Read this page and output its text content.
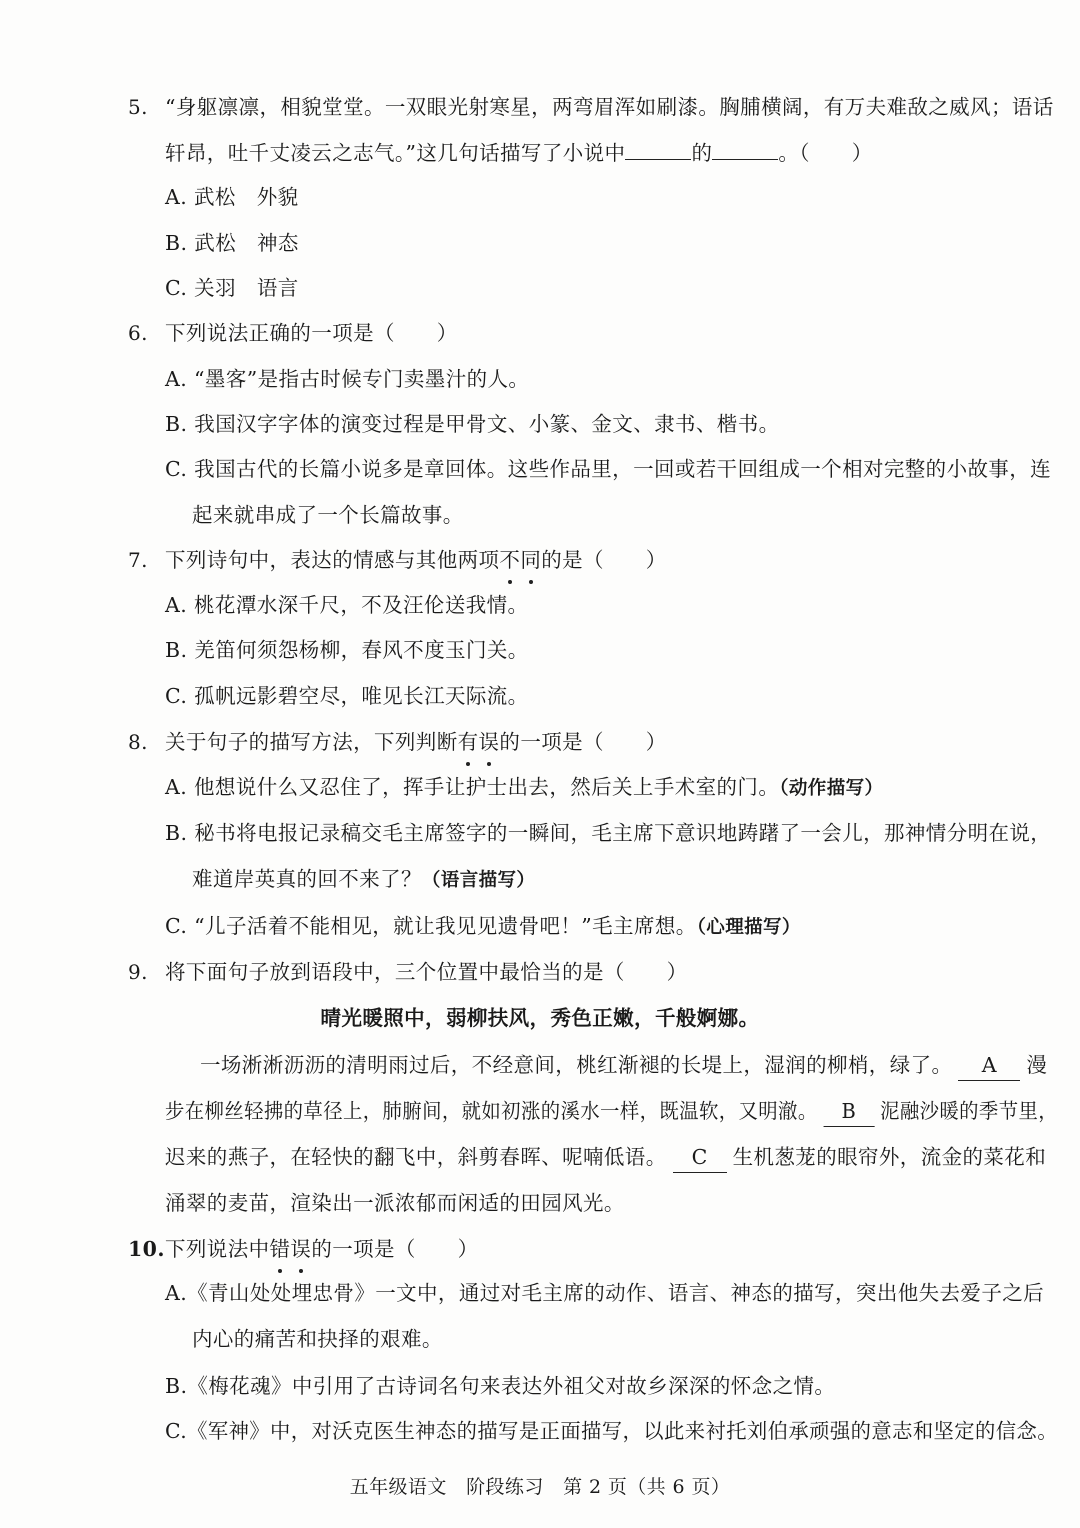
5. “身躯凛凛，相貌堂堂。一双眼光射寒星，两弯眉浑如刷漆。胸脯横阔，有万夫难敌之威风；语话
轩昂，吐千丈凌云之志气。”这几句话描写了小说中	的	。（　　）
A. 武松　外貌
B. 武松　神态
C. 关羽　语言
6. 下列说法正确的一项是（　　）
A. “墨客”是指古时候专门卖墨汁的人。
B. 我国汉字字体的演变过程是甲骨文、小篆、金文、隶书、楷书。
C. 我国古代的长篇小说多是章回体。这些作品里，一回或若干回组成一个相对完整的小故事，连
起来就串成了一个长篇故事。
7. 下列诗句中，表达的情感与其他两项不同的是（　　）
A. 桃花潭水深千尺，不及汪伦送我情。
B. 羌笛何须怨杨柳，春风不度玉门关。
C. 孤帆远影碧空尽，唯见长江天际流。
8. 关于句子的描写方法，下列判断有误的一项是（　　）
A. 他想说什么又忍住了，挥手让护士出去，然后关上手术室的门。（动作描写）
B. 秘书将电报记录稿交毛主席签字的一瞬间，毛主席下意识地踌躇了一会儿，那神情分明在说，
难道岸英真的回不来了？（语言描写）
C. “儿子活着不能相见，就让我见见遗骨吧！”毛主席想。（心理描写）
9. 将下面句子放到语段中，三个位置中最恰当的是（　　）
晴光暖照中，弱柳扶风，秀色正嫩，千般婀娜。
一场淅淅沥沥的清明雨过后，不经意间，桃红渐褪的长堤上，湿润的柳梢，绿了。 A 漫
步在柳丝轻拂的草径上，肺腑间，就如初涨的溪水一样，既温软，又明澈。 B 泥融沙暖的季节里，
迟来的燕子，在轻快的翻飞中，斜剪春晖、呢喃低语。 C 生机葱茏的眼帘外，流金的菜花和
涌翠的麦苗，渲染出一派浓郁而闲适的田园风光。
10. 下列说法中错误的一项是（　　）
A.《青山处处埋忠骨》一文中，通过对毛主席的动作、语言、神态的描写，突出他失去爱子之后
内心的痛苦和抉择的艰难。
B.《梅花魂》中引用了古诗词名句来表达外祖父对故乡深深的怀念之情。
C.《军神》中，对沃克医生神态的描写是正面描写，以此来衬托刘伯承顽强的意志和坚定的信念。
五年级语文　阶段练习　第 2 页（共 6 页）
